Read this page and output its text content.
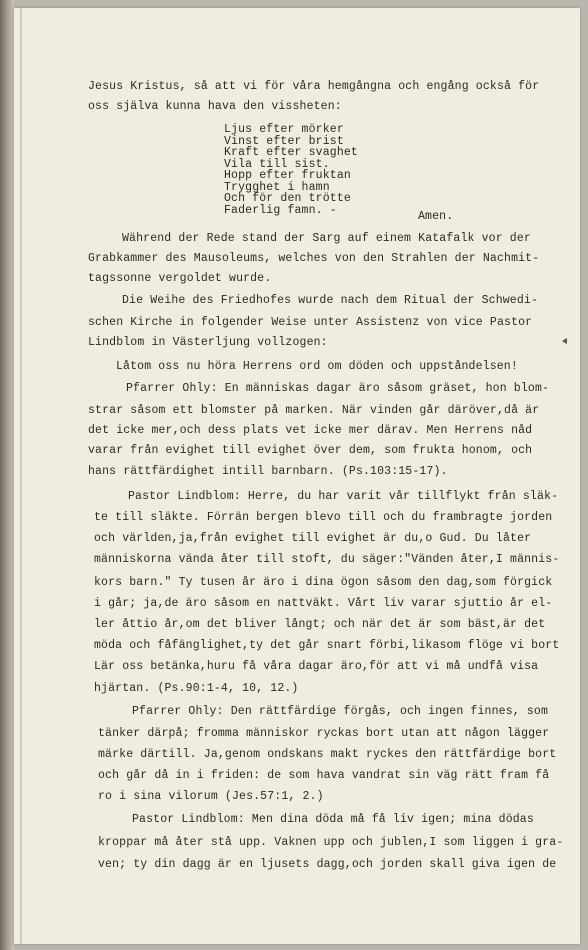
Jesus Kristus, så att vi för våra hemgångna och engång också för
oss själva kunna hava den vissheten:
Ljus efter mörker
Vinst efter brist
Kraft efter svaghet
Vila till sist.
Hopp efter fruktan
Trygghet i hamn
Och för den trötte
Faderlig famn. -	Amen.
Während der Rede stand der Sarg auf einem Katafalk vor der
Grabkammer des Mausoleums, welches von den Strahlen der Nachmit-
tagssonne vergoldet wurde.
Die Weihe des Friedhofes wurde nach dem Ritual der Schwedi-
schen Kirche in folgender Weise unter Assistenz von vice Pastor
Lindblom in Västerljung vollzogen:
Låtom oss nu höra Herrens ord om döden och uppståndelsen!
Pfarrer Ohly: En människas dagar äro såsom gräset, hon blom-
strar såsom ett blomster på marken. När vinden går däröver,då är
det icke mer,och dess plats vet icke mer därav. Men Herrens nåd
varar från evighet till evighet över dem, som frukta honom, och
hans rättfärdighet intill barnbarn. (Ps.103:15-17).
Pastor Lindblom: Herre, du har varit vår tillflykt från släk-
te till släkte. Förrän bergen blevo till och du frambragte jorden
och världen,ja,från evighet till evighet är du,o Gud. Du låter
människorna vända åter till stoft, du säger:"Vänden åter,I männis-
kors barn." Ty tusen år äro i dina ögon såsom den dag,som förgick
i går; ja,de äro såsom en nattväkt. Vårt liv varar sjuttio år el-
ler åttio år,om det bliver långt; och när det är som bäst,är det
möda och fåfänglighet,ty det går snart förbi,likasom flöge vi bort
Lär oss betänka,huru få våra dagar äro,för att vi må undfå visa
hjärtan. (Ps.90:1-4, 10, 12.)
Pfarrer Ohly: Den rättfärdige förgås, och ingen finnes, som
tänker därpå; fromma människor ryckas bort utan att någon lägger
märke därtill. Ja,genom ondskans makt ryckes den rättfärdige bort
och går då in i friden: de som hava vandrat sin väg rätt fram få
ro i sina vilorum (Jes.57:1, 2.)
Pastor Lindblom: Men dina döda må få liv igen; mina dödas
kroppar må åter stå upp. Vaknen upp och jublen,I som liggen i gra-
ven; ty din dagg är en ljusets dagg,och jorden skall giva igen de
